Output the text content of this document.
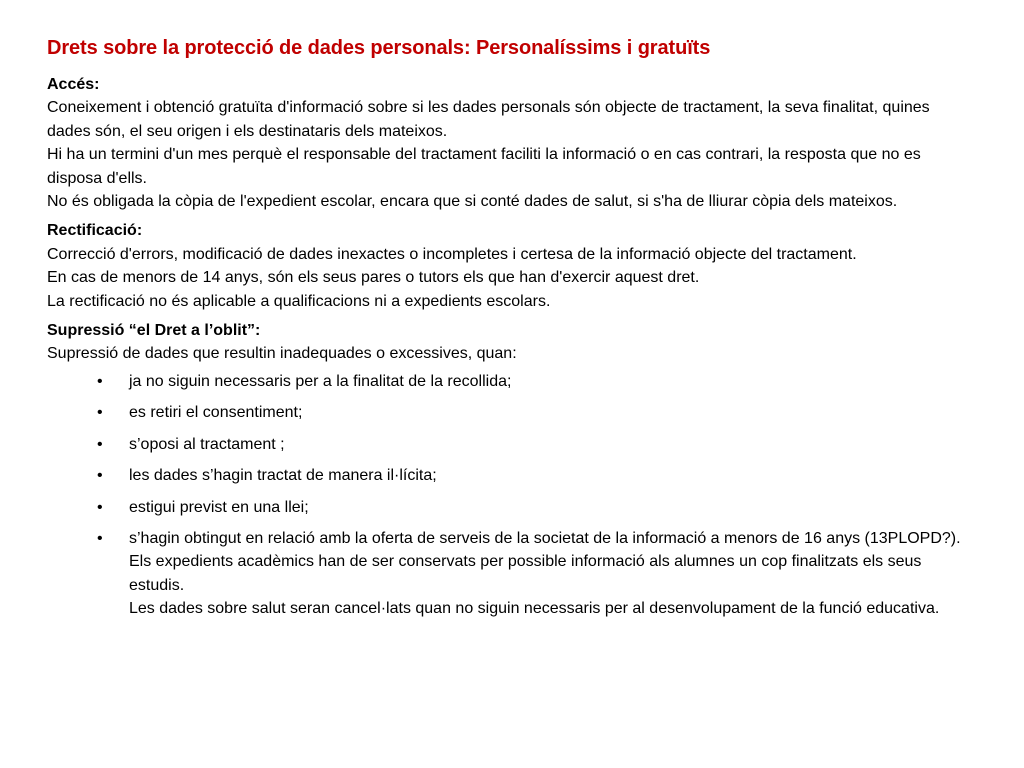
Drets sobre la protecció de dades personals: Personalíssims i gratuïts
Accés:
Coneixement i obtenció gratuïta d'informació sobre si les dades personals són objecte de tractament, la seva finalitat, quines dades són, el seu origen i els destinataris dels mateixos.
Hi ha un termini d'un mes perquè el responsable del tractament faciliti la informació o en cas contrari, la resposta que no es disposa d'ells.
No és obligada la còpia de l'expedient escolar, encara que si conté dades de salut, si s'ha de lliurar còpia dels mateixos.
Rectificació:
Correcció d'errors, modificació de dades inexactes o incompletes i certesa de la informació objecte del tractament.
En cas de menors de 14 anys, són els seus pares o tutors els que han d'exercir aquest dret.
La rectificació no és aplicable a qualificacions ni a expedients escolars.
Supressió “el Dret a l’oblit”:
Supressió de dades que resultin inadequades o excessives, quan:
• ja no siguin necessaris per a la finalitat de la recollida;
• es retiri el consentiment;
• s’oposi al tractament ;
• les dades s’hagin tractat de manera il·lícita;
• estigui previst en una llei;
• s’hagin obtingut en relació amb la oferta de serveis de la societat de la informació a menors de 16 anys (13PLOPD?).
Els expedients acadèmics han de ser conservats per possible informació als alumnes un cop finalitzats els seus estudis.
Les dades sobre salut seran cancel·lats quan no siguin necessaris per al desenvolupament de la funció educativa.
